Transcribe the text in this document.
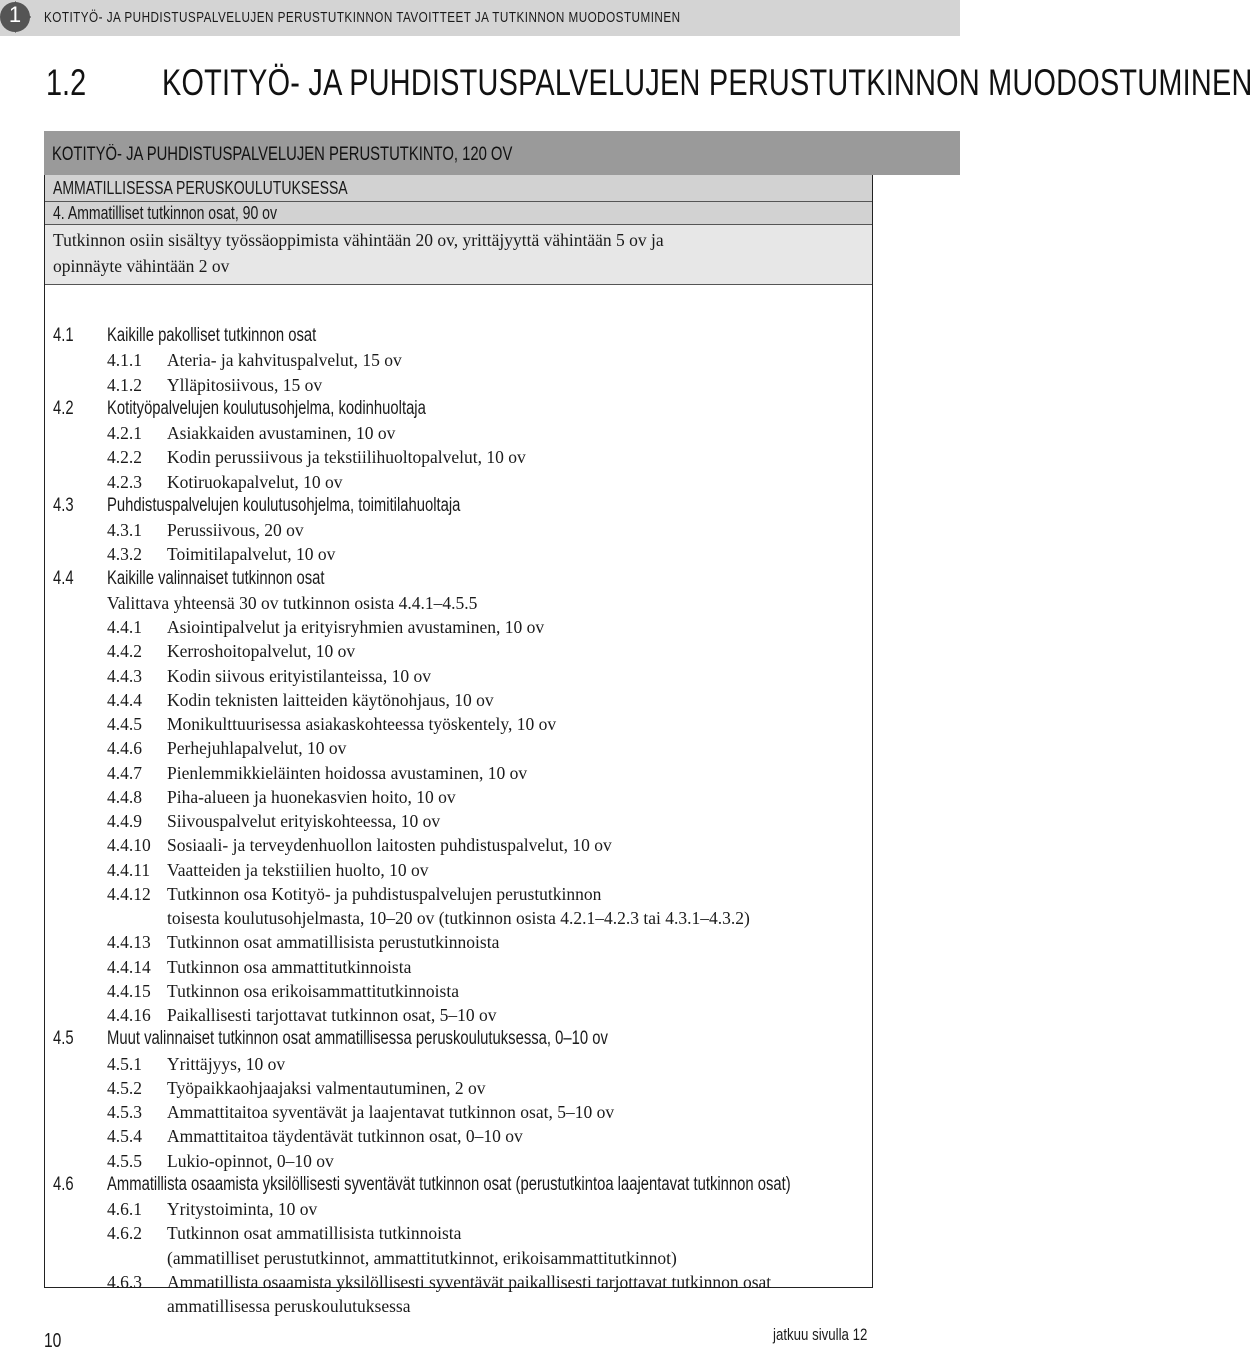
1	KOTITYÖ- JA PUHDISTUSPALVELUJEN PERUSTUTKINNON TAVOITTEET JA TUTKINNON MUODOSTUMINEN
1.2 KOTITYÖ- JA PUHDISTUSPALVELUJEN PERUSTUTKINNON MUODOSTUMINEN
KOTITYÖ- JA PUHDISTUSPALVELUJEN PERUSTUTKINTO, 120 OV
AMMATILLISESSA PERUSKOULUTUKSESSA
4. Ammatilliset tutkinnon osat, 90 ov
Tutkinnon osiin sisältyy työssäoppimista vähintään 20 ov, yrittäjyyttä vähintään 5 ov ja
opinnäyte vähintään 2 ov
4.1 Kaikille pakolliset tutkinnon osat
4.1.1 Ateria- ja kahvituspalvelut, 15 ov
4.1.2 Ylläpitosiivous, 15 ov
4.2 Kotityöpalvelujen koulutusohjelma, kodinhuoltaja
4.2.1 Asiakkaiden avustaminen, 10 ov
4.2.2 Kodin perussiivous ja tekstiilihuoltopalvelut, 10 ov
4.2.3 Kotiruokapalvelut, 10 ov
4.3 Puhdistuspalvelujen koulutusohjelma, toimitilahuoltaja
4.3.1 Perussiivous, 20 ov
4.3.2 Toimitilapalvelut, 10 ov
4.4 Kaikille valinnaiset tutkinnon osat
Valittava yhteensä 30 ov tutkinnon osista 4.4.1–4.5.5
4.4.1 Asiointipalvelut ja erityisryhmien avustaminen, 10 ov
4.4.2 Kerroshoitopalvelut, 10 ov
4.4.3 Kodin siivous erityistilanteissa, 10 ov
4.4.4 Kodin teknisten laitteiden käytönohjaus, 10 ov
4.4.5 Monikulttuurisessa asiakaskohteessa työskentely, 10 ov
4.4.6 Perhejuhlapalvelut, 10 ov
4.4.7 Pienlemmikkieläinten hoidossa avustaminen, 10 ov
4.4.8 Piha-alueen ja huonekasvien hoito, 10 ov
4.4.9 Siivouspalvelut erityiskohteessa, 10 ov
4.4.10 Sosiaali- ja terveydenhuollon laitosten puhdistuspalvelut, 10 ov
4.4.11 Vaatteiden ja tekstiilien huolto, 10 ov
4.4.12 Tutkinnon osa Kotityö- ja puhdistuspalvelujen perustutkinnon
toisesta koulutusohjelmasta, 10–20 ov (tutkinnon osista 4.2.1–4.2.3 tai 4.3.1–4.3.2)
4.4.13 Tutkinnon osat ammatillisista perustutkinnoista
4.4.14 Tutkinnon osa ammattitutkinnoista
4.4.15 Tutkinnon osa erikoisammattitutkinnoista
4.4.16 Paikallisesti tarjottavat tutkinnon osat, 5–10 ov
4.5 Muut valinnaiset tutkinnon osat ammatillisessa peruskoulutuksessa, 0–10 ov
4.5.1 Yrittäjyys, 10 ov
4.5.2 Työpaikkaohjaajaksi valmentautuminen, 2 ov
4.5.3 Ammattitaitoa syventävät ja laajentavat tutkinnon osat, 5–10 ov
4.5.4 Ammattitaitoa täydentävät tutkinnon osat, 0–10 ov
4.5.5 Lukio-opinnot, 0–10 ov
4.6 Ammatillista osaamista yksilöllisesti syventävät tutkinnon osat (perustutkintoa laajentavat tutkinnon osat)
4.6.1 Yritystoiminta, 10 ov
4.6.2 Tutkinnon osat ammatillisista tutkinnoista
(ammatilliset perustutkinnot, ammattitutkinnot, erikoisammattitutkinnot)
4.6.3 Ammatillista osaamista yksilöllisesti syventävät paikallisesti tarjottavat tutkinnon osat
ammatillisessa peruskoulutuksessa
10	jatkuu sivulla 12
